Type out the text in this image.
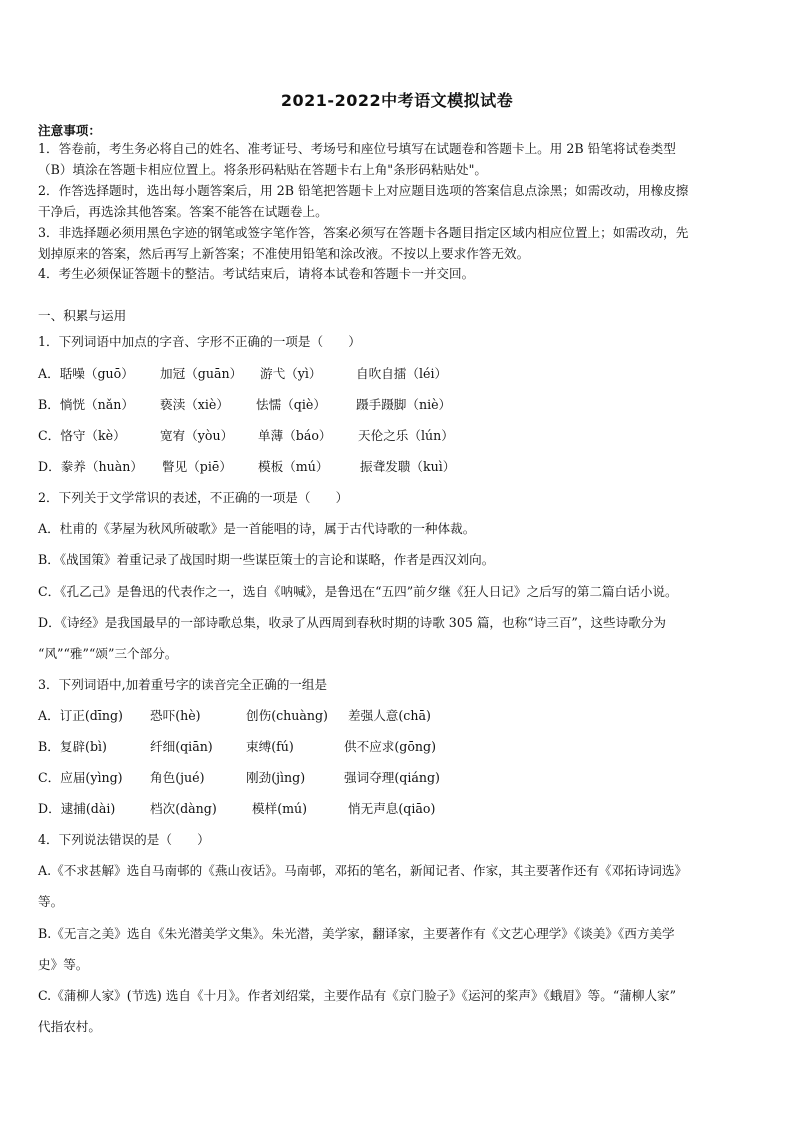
2021-2022中考语文模拟试卷
注意事项：
1．答卷前，考生务必将自己的姓名、准考证号、考场号和座位号填写在试题卷和答题卡上。用 2B 铅笔将试卷类型
（B）填涂在答题卡相应位置上。将条形码粘贴在答题卡右上角"条形码粘贴处"。
2．作答选择题时，选出每小题答案后，用 2B 铅笔把答题卡上对应题目选项的答案信息点涂黑；如需改动，用橡皮擦
干净后，再选涂其他答案。答案不能答在试题卷上。
3．非选择题必须用黑色字迹的钢笔或签字笔作答，答案必须写在答题卡各题目指定区域内相应位置上；如需改动，先
划掉原来的答案，然后再写上新答案；不准使用铅笔和涂改液。不按以上要求作答无效。
4．考生必须保证答题卡的整洁。考试结束后，请将本试卷和答题卡一并交回。
一、积累与运用
1．下列词语中加点的字音、字形不正确的一项是（　　）
A．聒噪（guō） 加冠（guān） 游弋（yì）	自吹自擂（léi）
B．惝恍（nǎn） 亵渎（xiè） 怯懦（qiè） 蹑手蹑脚（niè）
C．恪守（kè）	宽宥（yòu） 单薄（báo） 天伦之乐（lún）
D．豢养（huàn） 瞥见（piē） 模板（mú）	振聋发聩（kuì）
2．下列关于文学常识的表述，不正确的一项是（　　）
A．杜甫的《茅屋为秋风所破歌》是一首能唱的诗，属于古代诗歌的一种体裁。
B．《战国策》着重记录了战国时期一些谋臣策士的言论和谋略，作者是西汉刘向。
C．《孔乙己》是鲁迅的代表作之一，选自《呐喊》，是鲁迅在“五四”前夕继《狂人日记》之后写的第二篇白话小说。
D．《诗经》是我国最早的一部诗歌总集，收录了从西周到春秋时期的诗歌 305 篇，也称“诗三百”，这些诗歌分为
“风”“雅”“颂”三个部分。
3．下列词语中,加着重号字的读音完全正确的一组是
A．订正(dīng) 恐吓(hè)	创伤(chuàng) 差强人意(chā)
B．复辟(bì)	纤细(qiān)	束缚(fú)	供不应求(gōng)
C．应届(yìng) 角色(jué)	刚劲(jìng)	强词夺理(qiáng)
D．逮捕(dài)	档次(dàng)	模样(mú)	悄无声息(qiāo)
4．下列说法错误的是（　　）
A.《不求甚解》选自马南邨的《燕山夜话》。马南邨，邓拓的笔名，新闻记者、作家，其主要著作还有《邓拓诗词选》
等。
B.《无言之美》选自《朱光潜美学文集》。朱光潜，美学家，翻译家，主要著作有《文艺心理学》《谈美》《西方美学
史》等。
C.《蒲柳人家》(节选) 选自《十月》。作者刘绍棠，主要作品有《京门脸子》《运河的桨声》《蛾眉》等。“蒲柳人家”
代指农村。
